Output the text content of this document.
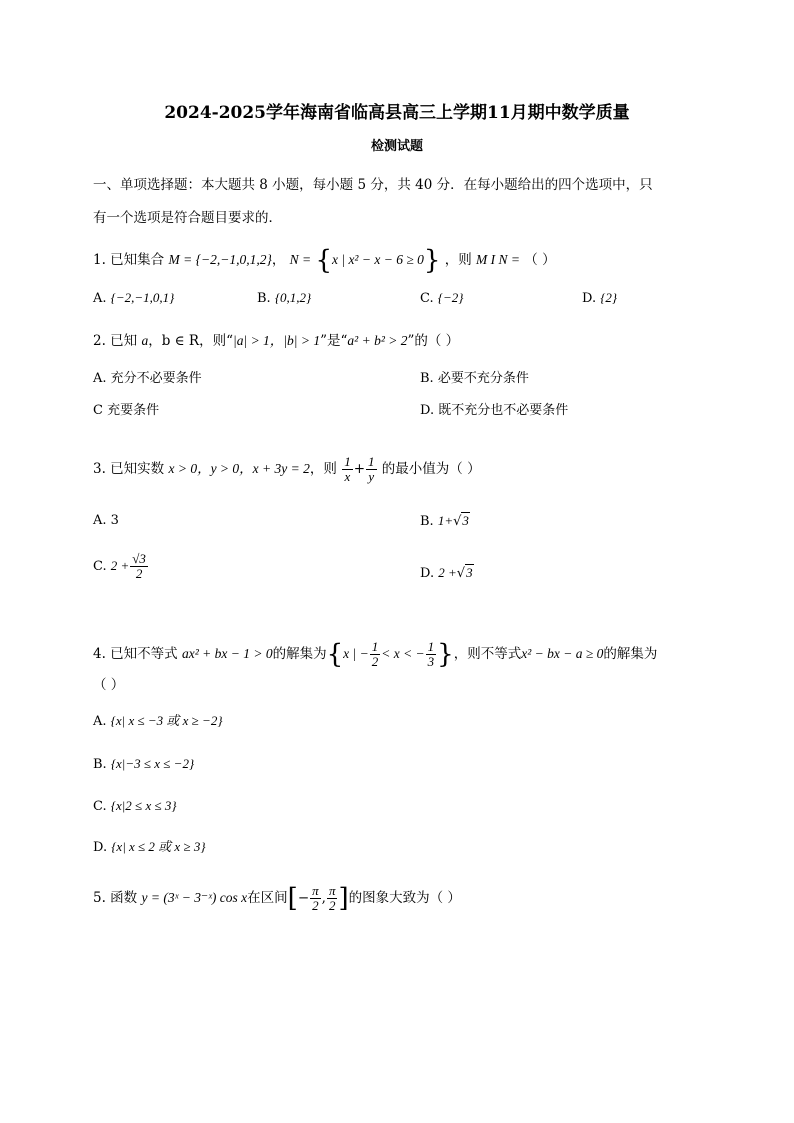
2024-2025学年海南省临高县高三上学期11月期中数学质量
检测试题
一、单项选择题：本大题共 8 小题，每小题 5 分，共 40 分．在每小题给出的四个选项中，只
有一个选项是符合题目要求的．
1. 已知集合 M = {−2,−1,0,1,2}， N = {x | x² − x − 6 ≥ 0} ，则 M I N = （ ）
A. {−2,−1,0,1}	B. {0,1,2}	C. {−2}	D. {2}
2. 已知 a，b ∈ R，则“|a| > 1，|b| > 1”是“a² + b² > 2”的（ ）
A. 充分不必要条件	B. 必要不充分条件
C 充要条件	D. 既不充分也不必要条件
3. 已知实数 x > 0，y > 0，x + 3y = 2，则 $\frac{1}{x} + \frac{1}{y}$ 的最小值为（ ）
A. 3	B. 1+√3
C. $2 + \frac{√3}{2}$	D. 2 +√3
4. 已知不等式 ax² + bx − 1 > 0的解集为{x | − $\frac{1}{2} < x$ < − $\frac{1}{3}$ }，则不等式x² − bx − a ≥ 0的解集为
（ ）
A. {x| x ≤ −3 或 x ≥ −2}
B. {x|−3 ≤ x ≤ −2}
C. {x|2 ≤ x ≤ 3}
D. {x| x ≤ 2 或 x ≥ 3}
5. 函数 y = (3ˣ − 3⁻ˣ) cos x在区间[− $\frac{\pi}{2}$ , $\frac{\pi}{2}$ ]的图象大致为（ ）
